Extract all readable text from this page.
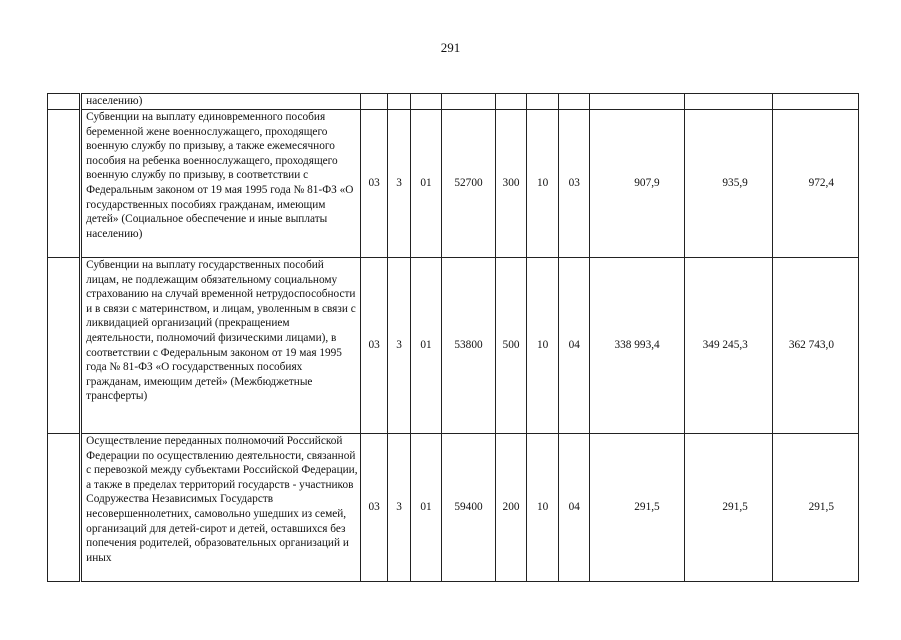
291
	населению)										
	Субвенции на выплату единовременного пособия беременной жене военнослужащего, проходящего военную службу по призыву, а также ежемесячного пособия на ребенка военнослужащего, проходящего военную службу по призыву, в соответствии с Федеральным законом от 19 мая 1995 года № 81-ФЗ «О государственных пособиях гражданам, имеющим детей» (Социальное обеспечение и иные выплаты населению)	03	3	01	52700	300	10	03	907,9	935,9	972,4
	Субвенции на выплату государственных пособий лицам, не подлежащим обязательному социальному страхованию на случай временной нетрудоспособности и в связи с материнством, и лицам, уволенным в связи с ликвидацией организаций (прекращением деятельности, полномочий физическими лицами), в соответствии с Федеральным законом от 19 мая 1995 года № 81-ФЗ «О государственных пособиях гражданам, имеющим детей» (Межбюджетные трансферты)	03	3	01	53800	500	10	04	338 993,4	349 245,3	362 743,0
	Осуществление переданных полномочий Российской Федерации по осуществлению деятельности, связанной с перевозкой между субъектами Российской Федерации, а также в пределах территорий государств - участников Содружества Независимых Государств несовершеннолетних, самовольно ушедших из семей, организаций для детей-сирот и детей, оставшихся без попечения родителей, образовательных организаций и иных	03	3	01	59400	200	10	04	291,5	291,5	291,5
